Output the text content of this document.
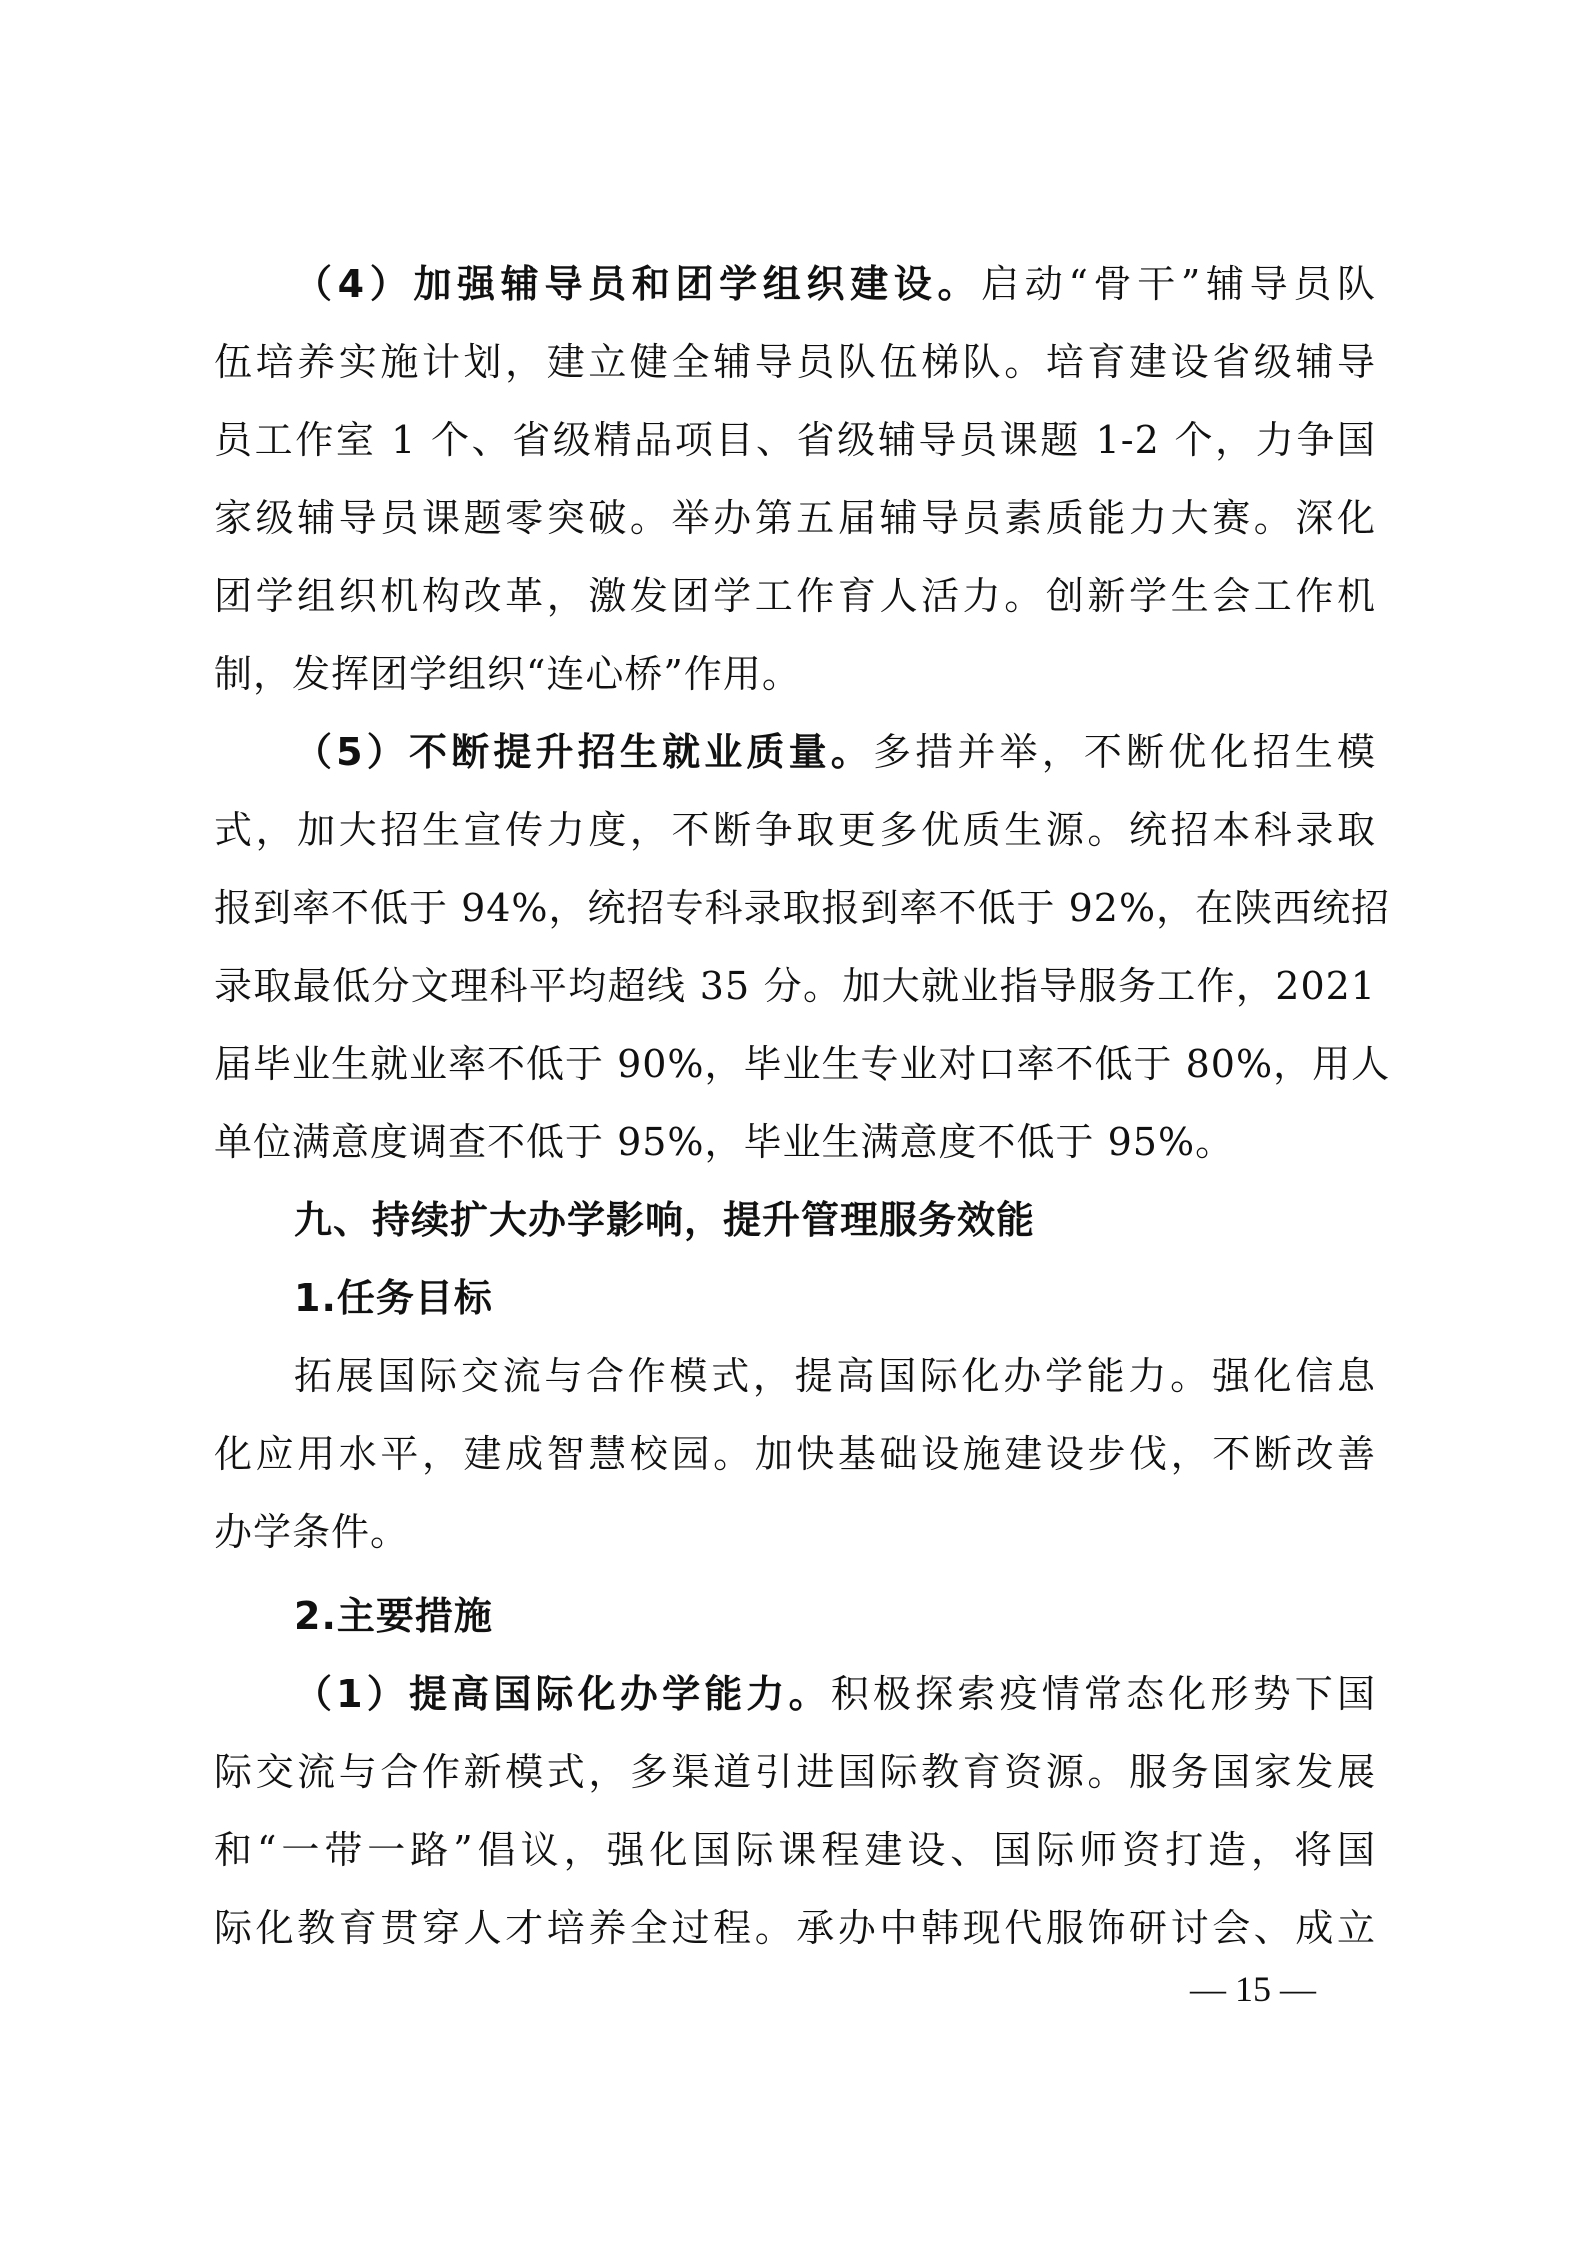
（4）加强辅导员和团学组织建设。启动“骨干”辅导员队
伍培养实施计划，建立健全辅导员队伍梯队。培育建设省级辅导
员工作室 1 个、省级精品项目、省级辅导员课题 1-2 个，力争国
家级辅导员课题零突破。举办第五届辅导员素质能力大赛。深化
团学组织机构改革，激发团学工作育人活力。创新学生会工作机
制，发挥团学组织“连心桥”作用。
（5）不断提升招生就业质量。多措并举，不断优化招生模
式，加大招生宣传力度，不断争取更多优质生源。统招本科录取
报到率不低于 94%，统招专科录取报到率不低于 92%，在陕西统招
录取最低分文理科平均超线 35 分。加大就业指导服务工作，2021
届毕业生就业率不低于 90%，毕业生专业对口率不低于 80%，用人
单位满意度调查不低于 95%，毕业生满意度不低于 95%。
九、持续扩大办学影响，提升管理服务效能
1.任务目标
拓展国际交流与合作模式，提高国际化办学能力。强化信息
化应用水平，建成智慧校园。加快基础设施建设步伐，不断改善
办学条件。
2.主要措施
（1）提高国际化办学能力。积极探索疫情常态化形势下国
际交流与合作新模式，多渠道引进国际教育资源。服务国家发展
和“一带一路”倡议，强化国际课程建设、国际师资打造，将国
际化教育贯穿人才培养全过程。承办中韩现代服饰研讨会、成立
— 15 —
